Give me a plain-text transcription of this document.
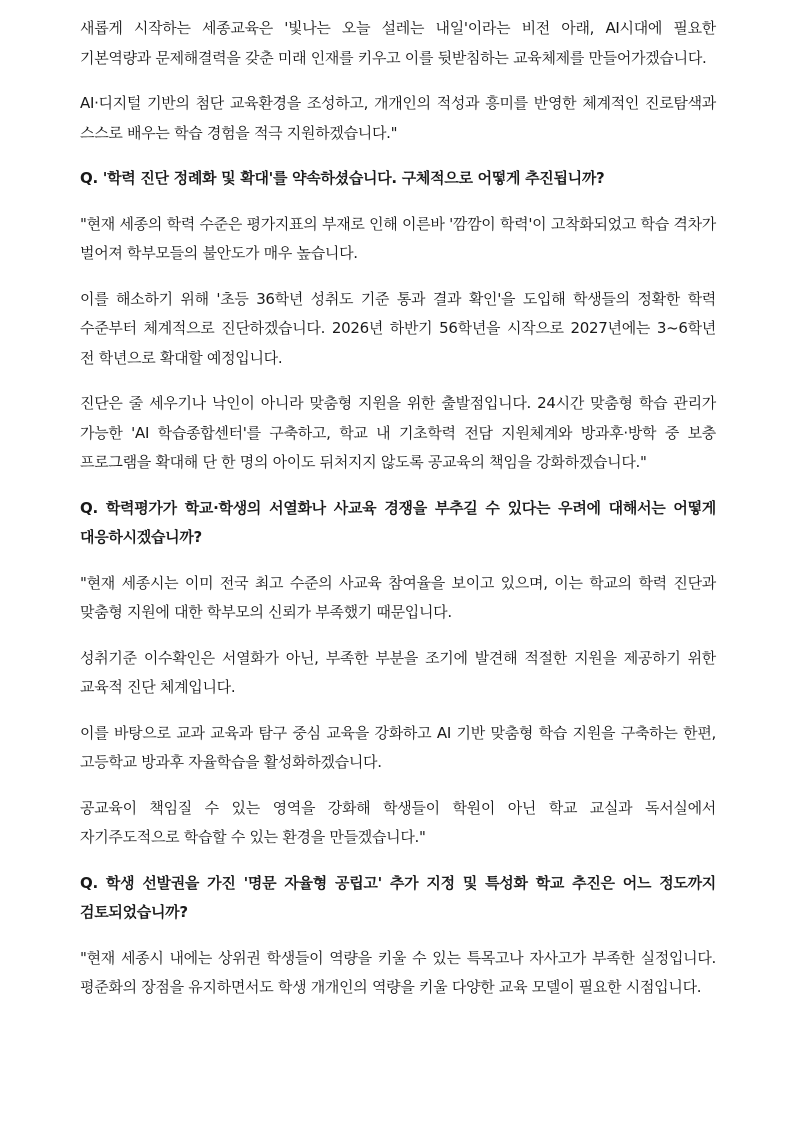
새롭게 시작하는 세종교육은 '빛나는 오늘 설레는 내일'이라는 비전 아래, AI시대에 필요한 기본역량과 문제해결력을 갖춘 미래 인재를 키우고 이를 뒷받침하는 교육체제를 만들어가겠습니다.

AI·디지털 기반의 첨단 교육환경을 조성하고, 개개인의 적성과 흥미를 반영한 체계적인 진로탐색과 스스로 배우는 학습 경험을 적극 지원하겠습니다."

Q. '학력 진단 정례화 및 확대'를 약속하셨습니다. 구체적으로 어떻게 추진됩니까?

"현재 세종의 학력 수준은 평가지표의 부재로 인해 이른바 '깜깜이 학력'이 고착화되었고 학습 격차가 벌어져 학부모들의 불안도가 매우 높습니다.

이를 해소하기 위해 '초등 36학년 성취도 기준 통과 결과 확인'을 도입해 학생들의 정확한 학력 수준부터 체계적으로 진단하겠습니다. 2026년 하반기 56학년을 시작으로 2027년에는 3~6학년 전 학년으로 확대할 예정입니다.

진단은 줄 세우기나 낙인이 아니라 맞춤형 지원을 위한 출발점입니다. 24시간 맞춤형 학습 관리가 가능한 'AI 학습종합센터'를 구축하고, 학교 내 기초학력 전담 지원체계와 방과후·방학 중 보충 프로그램을 확대해 단 한 명의 아이도 뒤처지지 않도록 공교육의 책임을 강화하겠습니다."

Q. 학력평가가 학교·학생의 서열화나 사교육 경쟁을 부추길 수 있다는 우려에 대해서는 어떻게 대응하시겠습니까?

"현재 세종시는 이미 전국 최고 수준의 사교육 참여율을 보이고 있으며, 이는 학교의 학력 진단과 맞춤형 지원에 대한 학부모의 신뢰가 부족했기 때문입니다.

성취기준 이수확인은 서열화가 아닌, 부족한 부분을 조기에 발견해 적절한 지원을 제공하기 위한 교육적 진단 체계입니다.

이를 바탕으로 교과 교육과 탐구 중심 교육을 강화하고 AI 기반 맞춤형 학습 지원을 구축하는 한편, 고등학교 방과후 자율학습을 활성화하겠습니다.

공교육이 책임질 수 있는 영역을 강화해 학생들이 학원이 아닌 학교 교실과 독서실에서 자기주도적으로 학습할 수 있는 환경을 만들겠습니다."

Q. 학생 선발권을 가진 '명문 자율형 공립고' 추가 지정 및 특성화 학교 추진은 어느 정도까지 검토되었습니까?

"현재 세종시 내에는 상위권 학생들이 역량을 키울 수 있는 특목고나 자사고가 부족한 실정입니다. 평준화의 장점을 유지하면서도 학생 개개인의 역량을 키울 다양한 교육 모델이 필요한 시점입니다.
